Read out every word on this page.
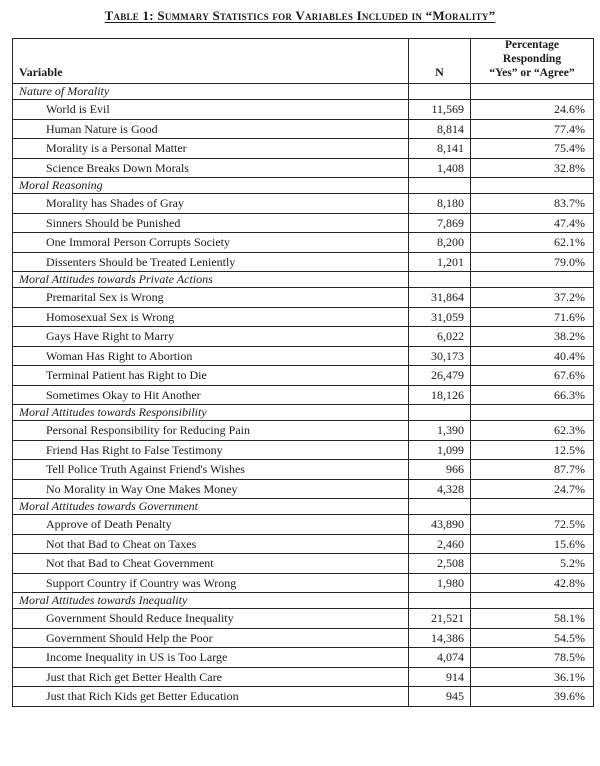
Table 1: Summary Statistics for Variables Included in “Morality”
Variable	N	Percentage
Responding
“Yes” or “Agree”

Nature of Morality		
World is Evil	11,569	24.6%
Human Nature is Good	8,814	77.4%
Morality is a Personal Matter	8,141	75.4%
Science Breaks Down Morals	1,408	32.8%
Moral Reasoning		
Morality has Shades of Gray	8,180	83.7%
Sinners Should be Punished	7,869	47.4%
One Immoral Person Corrupts Society	8,200	62.1%
Dissenters Should be Treated Leniently	1,201	79.0%
Moral Attitudes towards Private Actions		
Premarital Sex is Wrong	31,864	37.2%
Homosexual Sex is Wrong	31,059	71.6%
Gays Have Right to Marry	6,022	38.2%
Woman Has Right to Abortion	30,173	40.4%
Terminal Patient has Right to Die	26,479	67.6%
Sometimes Okay to Hit Another	18,126	66.3%
Moral Attitudes towards Responsibility		
Personal Responsibility for Reducing Pain	1,390	62.3%
Friend Has Right to False Testimony	1,099	12.5%
Tell Police Truth Against Friend's Wishes	966	87.7%
No Morality in Way One Makes Money	4,328	24.7%
Moral Attitudes towards Government		
Approve of Death Penalty	43,890	72.5%
Not that Bad to Cheat on Taxes	2,460	15.6%
Not that Bad to Cheat Government	2,508	5.2%
Support Country if Country was Wrong	1,980	42.8%
Moral Attitudes towards Inequality		
Government Should Reduce Inequality	21,521	58.1%
Government Should Help the Poor	14,386	54.5%
Income Inequality in US is Too Large	4,074	78.5%
Just that Rich get Better Health Care	914	36.1%
Just that Rich Kids get Better Education	945	39.6%
